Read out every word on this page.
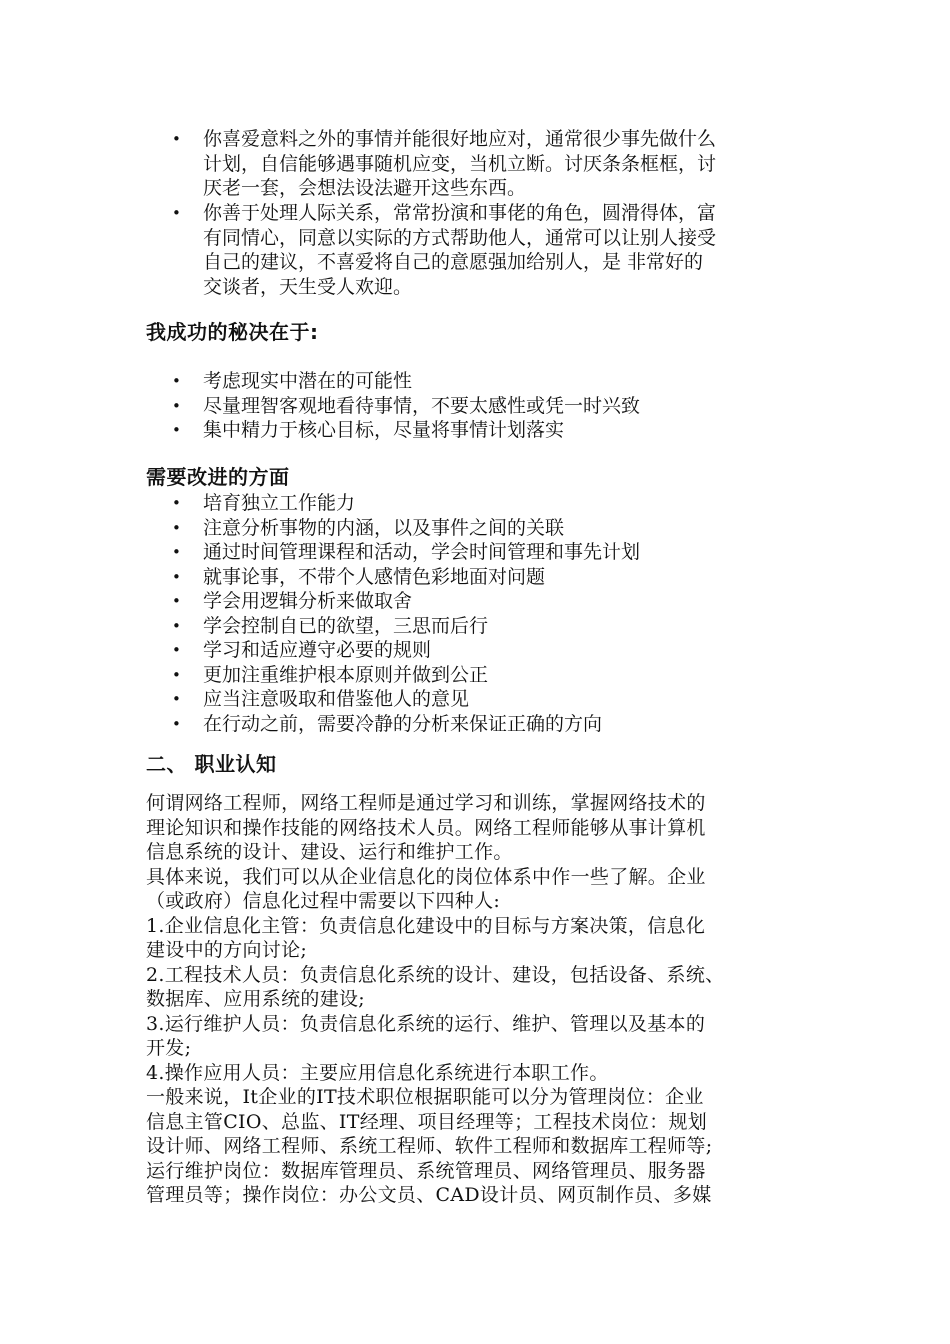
• 你喜爱意料之外的事情并能很好地应对，通常很少事先做什么
计划，自信能够遇事随机应变，当机立断。讨厌条条框框，讨
厌老一套，会想法设法避开这些东西。
• 你善于处理人际关系，常常扮演和事佬的角色，圆滑得体，富
有同情心，同意以实际的方式帮助他人，通常可以让别人接受
自己的建议，不喜爱将自己的意愿强加给别人，是 非常好的
交谈者，天生受人欢迎。
我成功的秘决在于:
• 考虑现实中潜在的可能性
• 尽量理智客观地看待事情，不要太感性或凭一时兴致
• 集中精力于核心目标，尽量将事情计划落实
需要改进的方面
• 培育独立工作能力
• 注意分析事物的内涵，以及事件之间的关联
• 通过时间管理课程和活动，学会时间管理和事先计划
• 就事论事，不带个人感情色彩地面对问题
• 学会用逻辑分析来做取舍
• 学会控制自已的欲望，三思而后行
• 学习和适应遵守必要的规则
• 更加注重维护根本原则并做到公正
• 应当注意吸取和借鉴他人的意见
• 在行动之前，需要冷静的分析来保证正确的方向
二、 职业认知
何谓网络工程师，网络工程师是通过学习和训练，掌握网络技术的
理论知识和操作技能的网络技术人员。网络工程师能够从事计算机
信息系统的设计、建设、运行和维护工作。
具体来说，我们可以从企业信息化的岗位体系中作一些了解。企业
（或政府）信息化过程中需要以下四种人:
1.企业信息化主管：负责信息化建设中的目标与方案决策，信息化
建设中的方向讨论;
2.工程技术人员：负责信息化系统的设计、建设，包括设备、系统、
数据库、应用系统的建设;
3.运行维护人员：负责信息化系统的运行、维护、管理以及基本的
开发;
4.操作应用人员：主要应用信息化系统进行本职工作。
一般来说，It企业的IT技术职位根据职能可以分为管理岗位：企业
信息主管CIO、总监、IT经理、项目经理等；工程技术岗位：规划
设计师、网络工程师、系统工程师、软件工程师和数据库工程师等;
运行维护岗位：数据库管理员、系统管理员、网络管理员、服务器
管理员等；操作岗位：办公文员、CAD设计员、网页制作员、多媒
